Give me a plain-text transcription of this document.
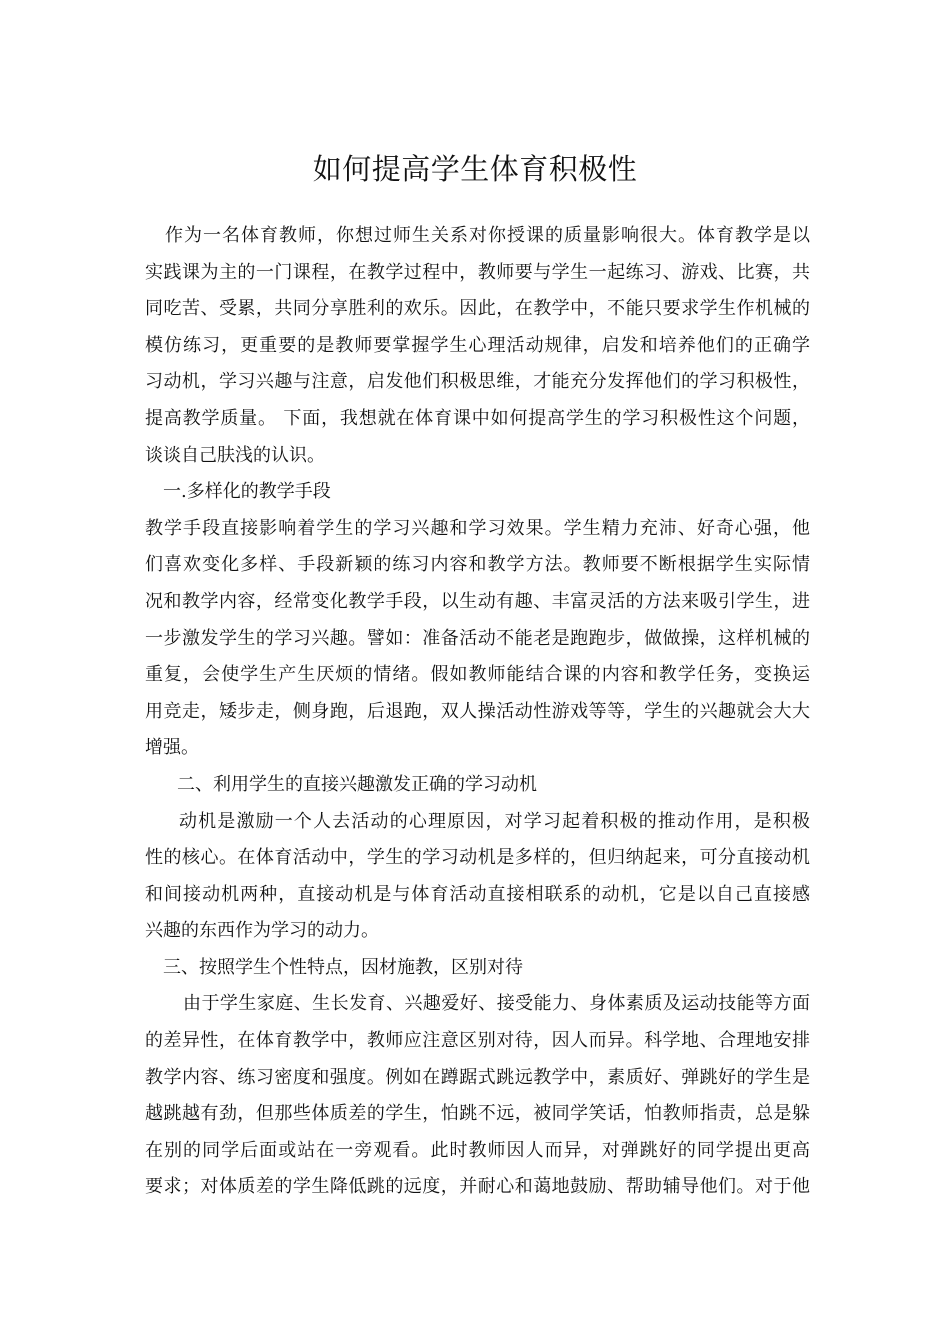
如何提高学生体育积极性
作为一名体育教师，你想过师生关系对你授课的质量影响很大。体育教学是以
实践课为主的一门课程，在教学过程中，教师要与学生一起练习、游戏、比赛，共
同吃苦、受累，共同分享胜利的欢乐。因此，在教学中，不能只要求学生作机械的
模仿练习，更重要的是教师要掌握学生心理活动规律，启发和培养他们的正确学
习动机，学习兴趣与注意，启发他们积极思维，才能充分发挥他们的学习积极性，
提高教学质量。 下面，我想就在体育课中如何提高学生的学习积极性这个问题，
谈谈自己肤浅的认识。
一.多样化的教学手段
教学手段直接影响着学生的学习兴趣和学习效果。学生精力充沛、好奇心强，他
们喜欢变化多样、手段新颖的练习内容和教学方法。教师要不断根据学生实际情
况和教学内容，经常变化教学手段，以生动有趣、丰富灵活的方法来吸引学生，进
一步激发学生的学习兴趣。譬如：准备活动不能老是跑跑步，做做操，这样机械的
重复，会使学生产生厌烦的情绪。假如教师能结合课的内容和教学任务，变换运
用竞走，矮步走，侧身跑，后退跑，双人操活动性游戏等等，学生的兴趣就会大大
增强。
二、利用学生的直接兴趣激发正确的学习动机
动机是激励一个人去活动的心理原因，对学习起着积极的推动作用，是积极
性的核心。在体育活动中，学生的学习动机是多样的，但归纳起来，可分直接动机
和间接动机两种，直接动机是与体育活动直接相联系的动机，它是以自己直接感
兴趣的东西作为学习的动力。
三、按照学生个性特点，因材施教，区别对待
由于学生家庭、生长发育、兴趣爱好、接受能力、身体素质及运动技能等方面
的差异性，在体育教学中，教师应注意区别对待，因人而异。科学地、合理地安排
教学内容、练习密度和强度。例如在蹲踞式跳远教学中，素质好、弹跳好的学生是
越跳越有劲，但那些体质差的学生，怕跳不远，被同学笑话，怕教师指责，总是躲
在别的同学后面或站在一旁观看。此时教师因人而异，对弹跳好的同学提出更高
要求；对体质差的学生降低跳的远度，并耐心和蔼地鼓励、帮助辅导他们。对于他
